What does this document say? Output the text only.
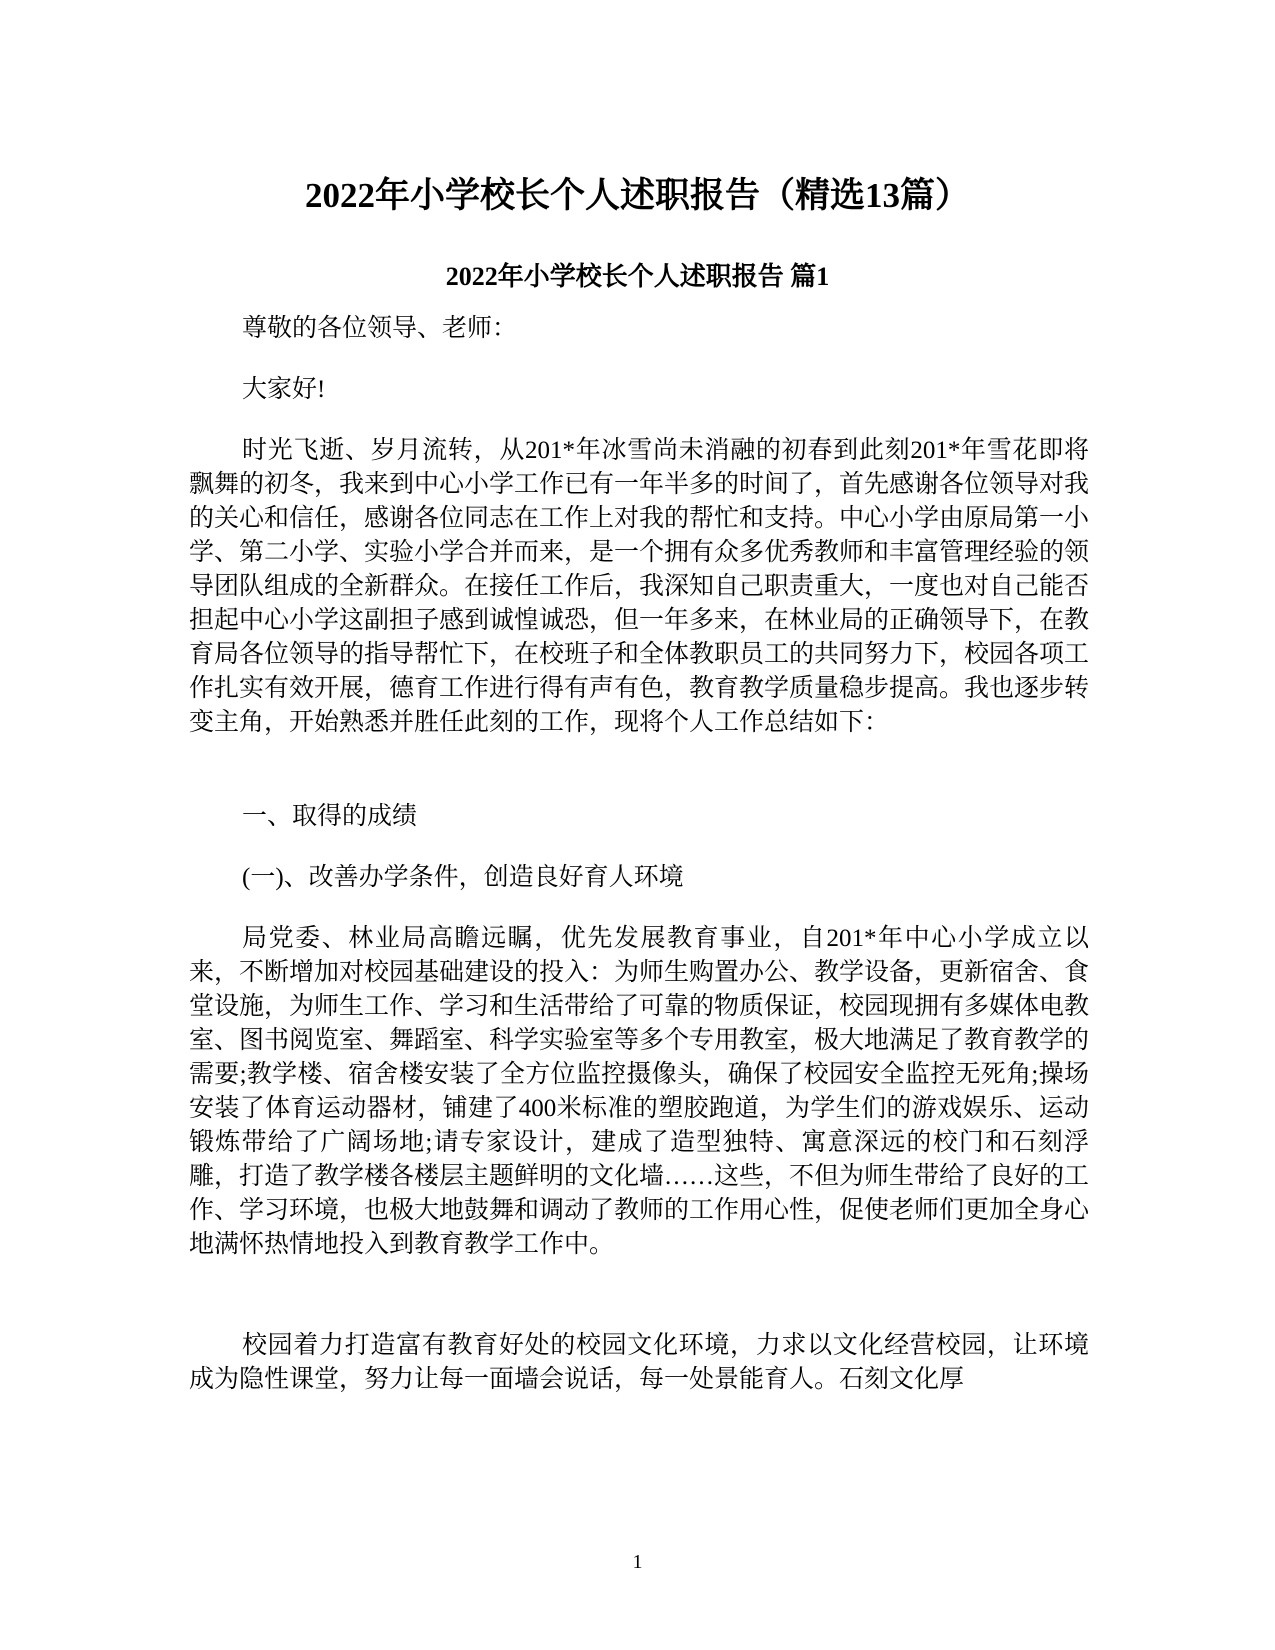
2022年小学校长个人述职报告（精选13篇）
2022年小学校长个人述职报告 篇1

尊敬的各位领导、老师：

大家好!

时光飞逝、岁月流转，从201*年冰雪尚未消融的初春到此刻201*年雪花即将飘舞的初冬，我来到中心小学工作已有一年半多的时间了，首先感谢各位领导对我的关心和信任，感谢各位同志在工作上对我的帮忙和支持。中心小学由原局第一小学、第二小学、实验小学合并而来，是一个拥有众多优秀教师和丰富管理经验的领导团队组成的全新群众。在接任工作后，我深知自己职责重大，一度也对自己能否担起中心小学这副担子感到诚惶诚恐，但一年多来，在林业局的正确领导下，在教育局各位领导的指导帮忙下，在校班子和全体教职员工的共同努力下，校园各项工作扎实有效开展，德育工作进行得有声有色，教育教学质量稳步提高。我也逐步转变主角，开始熟悉并胜任此刻的工作，现将个人工作总结如下：

一、取得的成绩

(一)、改善办学条件，创造良好育人环境

局党委、林业局高瞻远瞩，优先发展教育事业，自201*年中心小学成立以来，不断增加对校园基础建设的投入：为师生购置办公、教学设备，更新宿舍、食堂设施，为师生工作、学习和生活带给了可靠的物质保证，校园现拥有多媒体电教室、图书阅览室、舞蹈室、科学实验室等多个专用教室，极大地满足了教育教学的需要;教学楼、宿舍楼安装了全方位监控摄像头，确保了校园安全监控无死角;操场安装了体育运动器材，铺建了400米标准的塑胶跑道，为学生们的游戏娱乐、运动锻炼带给了广阔场地;请专家设计，建成了造型独特、寓意深远的校门和石刻浮雕，打造了教学楼各楼层主题鲜明的文化墙……这些，不但为师生带给了良好的工作、学习环境，也极大地鼓舞和调动了教师的工作用心性，促使老师们更加全身心地满怀热情地投入到教育教学工作中。

校园着力打造富有教育好处的校园文化环境，力求以文化经营校园，让环境成为隐性课堂，努力让每一面墙会说话，每一处景能育人。石刻文化厚

1
